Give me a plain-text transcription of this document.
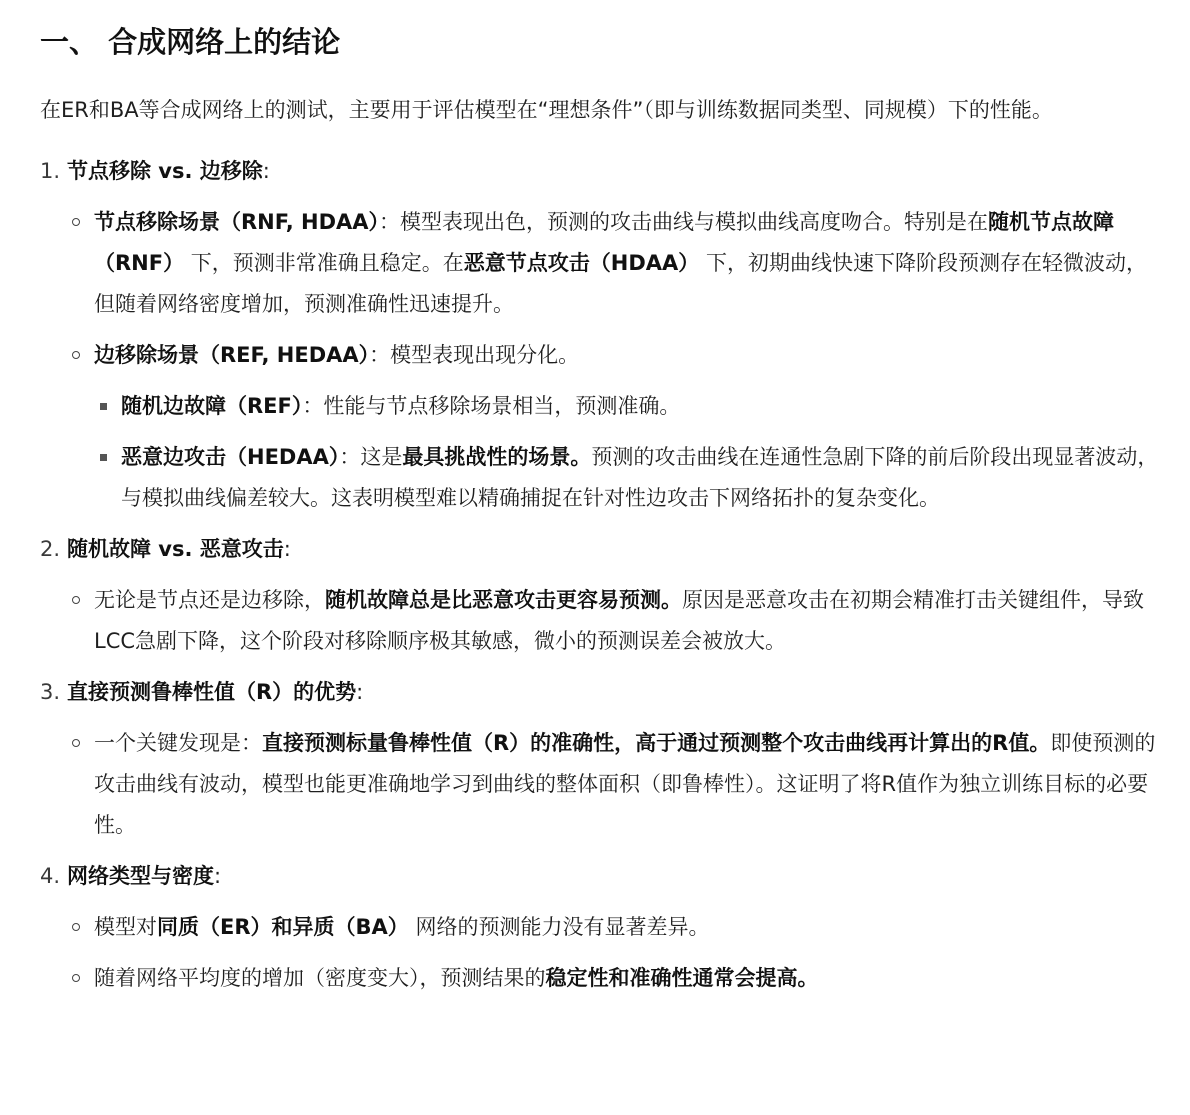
一、 合成网络上的结论

在ER和BA等合成网络上的测试，主要用于评估模型在“理想条件”（即与训练数据同类型、同规模）下的性能。

1. 节点移除 vs. 边移除:
节点移除场景（RNF, HDAA）：模型表现出色，预测的攻击曲线与模拟曲线高度吻合。特别是在随机节点故障（RNF） 下，预测非常准确且稳定。在恶意节点攻击（HDAA） 下，初期曲线快速下降阶段预测存在轻微波动，但随着网络密度增加，预测准确性迅速提升。
边移除场景（REF, HEDAA）：模型表现出现分化。
随机边故障（REF）：性能与节点移除场景相当，预测准确。
恶意边攻击（HEDAA）：这是最具挑战性的场景。预测的攻击曲线在连通性急剧下降的前后阶段出现显著波动，与模拟曲线偏差较大。这表明模型难以精确捕捉在针对性边攻击下网络拓扑的复杂变化。
2. 随机故障 vs. 恶意攻击:
无论是节点还是边移除，随机故障总是比恶意攻击更容易预测。原因是恶意攻击在初期会精准打击关键组件，导致LCC急剧下降，这个阶段对移除顺序极其敏感，微小的预测误差会被放大。
3. 直接预测鲁棒性值（R）的优势:
一个关键发现是：直接预测标量鲁棒性值（R）的准确性，高于通过预测整个攻击曲线再计算出的R值。即使预测的攻击曲线有波动，模型也能更准确地学习到曲线的整体面积（即鲁棒性）。这证明了将R值作为独立训练目标的必要性。
4. 网络类型与密度:
模型对同质（ER）和异质（BA） 网络的预测能力没有显著差异。
随着网络平均度的增加（密度变大），预测结果的稳定性和准确性通常会提高。
